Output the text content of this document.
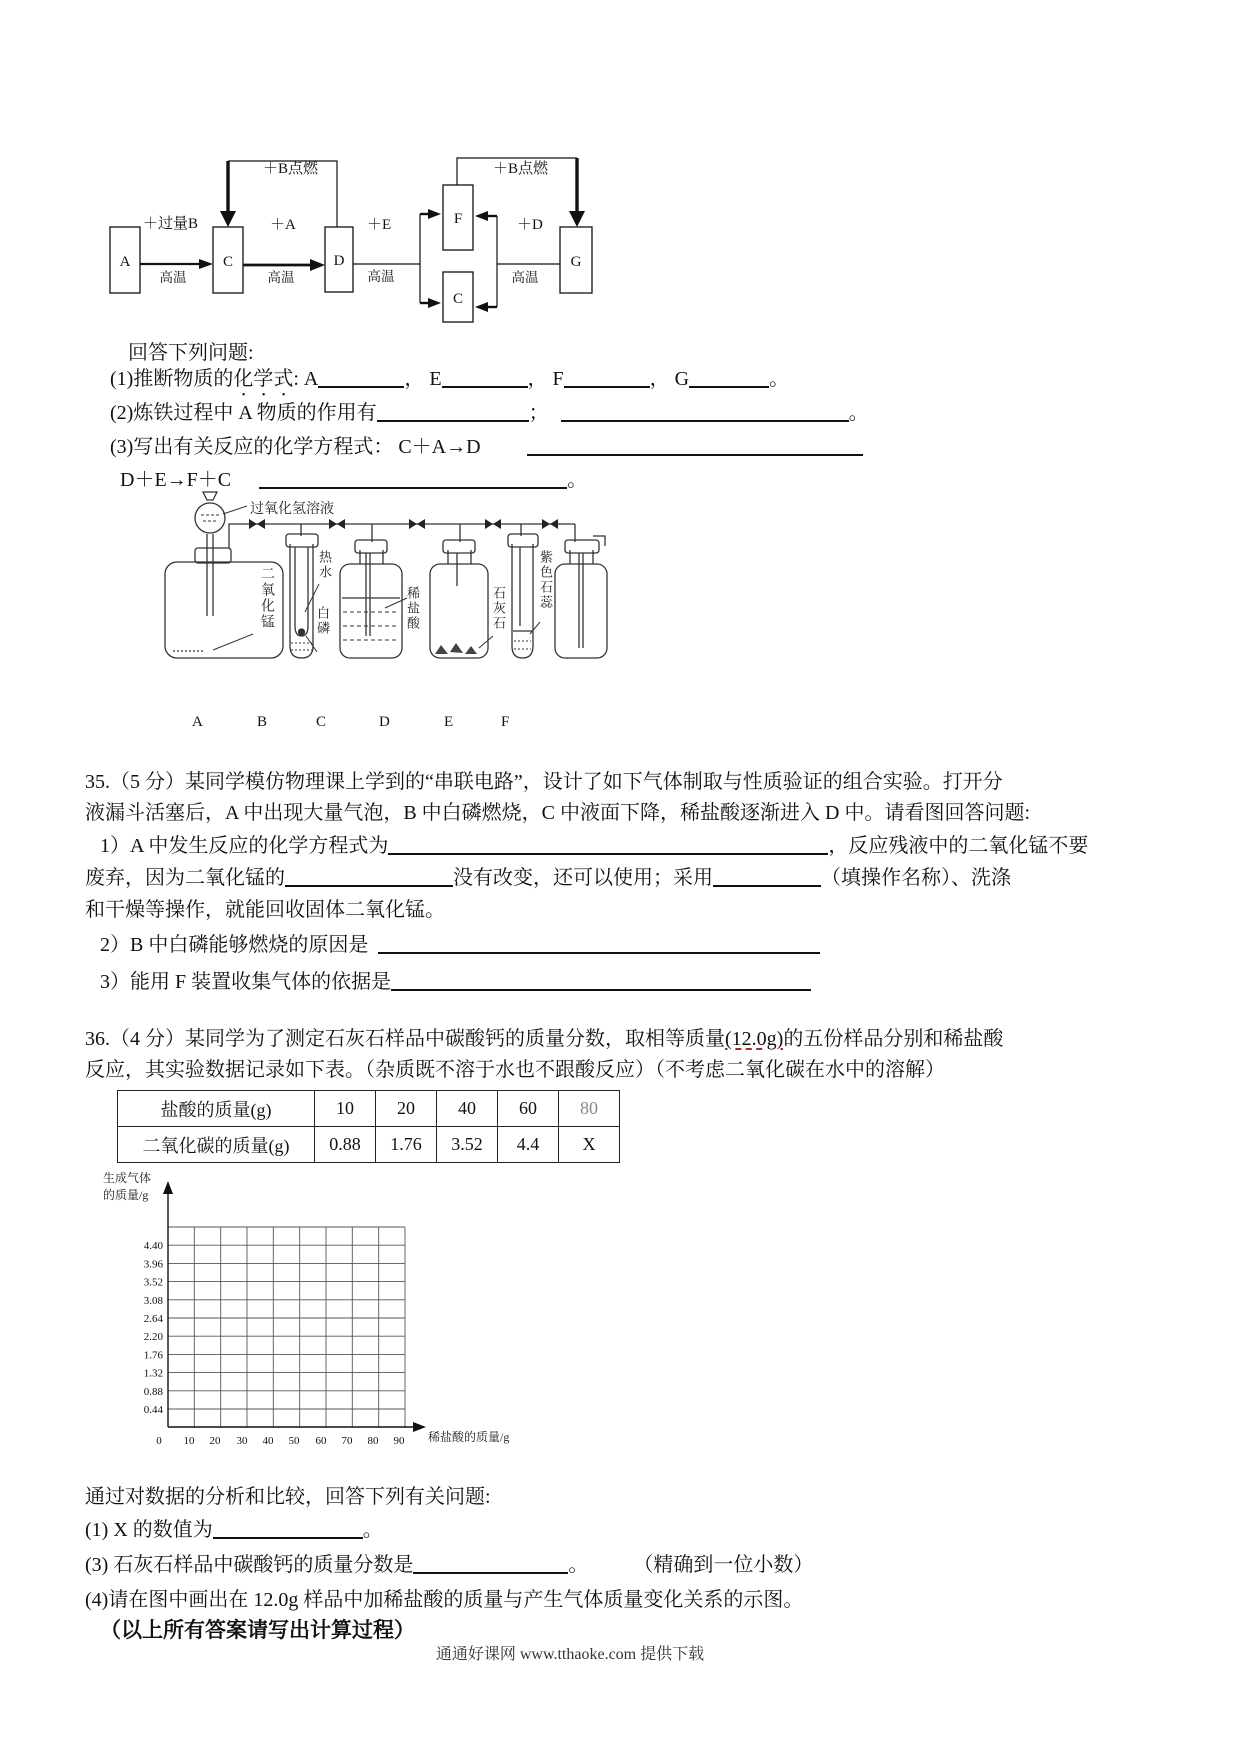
A	C	D
F
C
G
＋过量B
＋B点燃	＋B点燃
＋A	＋E	＋D
高温	高温	高温	高温
回答下列问题:
(1)推断物质的化学式: A	， E	， F	， G	。
(2)炼铁过程中 A 物质的作用有	；	。
(3)写出有关反应的化学方程式： C＋A→D
D＋E→F＋C	。
过氧化氢溶液
二氧化锰
热水
白磷	稀盐酸	石灰石 紫色石蕊
A	B	C	D	E	F
35.（5 分）某同学模仿物理课上学到的“串联电路”，设计了如下气体制取与性质验证的组合实验。打开分
液漏斗活塞后，A 中出现大量气泡，B 中白磷燃烧，C 中液面下降，稀盐酸逐渐进入 D 中。请看图回答问题:
1）A 中发生反应的化学方程式为	，反应残液中的二氧化锰不要
废弃，因为二氧化锰的	没有改变，还可以使用；采用	（填操作名称）、洗涤
和干燥等操作，就能回收固体二氧化锰。
2）B 中白磷能够燃烧的原因是
3）能用 F 装置收集气体的依据是
36.（4 分）某同学为了测定石灰石样品中碳酸钙的质量分数，取相等质量(12.0g)的五份样品分别和稀盐酸
反应，其实验数据记录如下表。（杂质既不溶于水也不跟酸反应）（不考虑二氧化碳在水中的溶解）
盐酸的质量(g)	10	20	40	60	80
二氧化碳的质量(g)	0.88	1.76	3.52	4.4	X
生成气体
的质量/g
4.40
3.96
3.52
3.08
2.64
2.20
1.76
1.32
0.88
0.44
0 10 20 30 40 50 60 70 80 90 稀盐酸的质量/g
通过对数据的分析和比较，回答下列有关问题:
(1) X 的数值为	。
(3) 石灰石样品中碳酸钙的质量分数是	。	（精确到一位小数）
(4)请在图中画出在 12.0g 样品中加稀盐酸的质量与产生气体质量变化关系的示图。
（以上所有答案请写出计算过程）
通通好课网 www.tthaoke.com 提供下载
